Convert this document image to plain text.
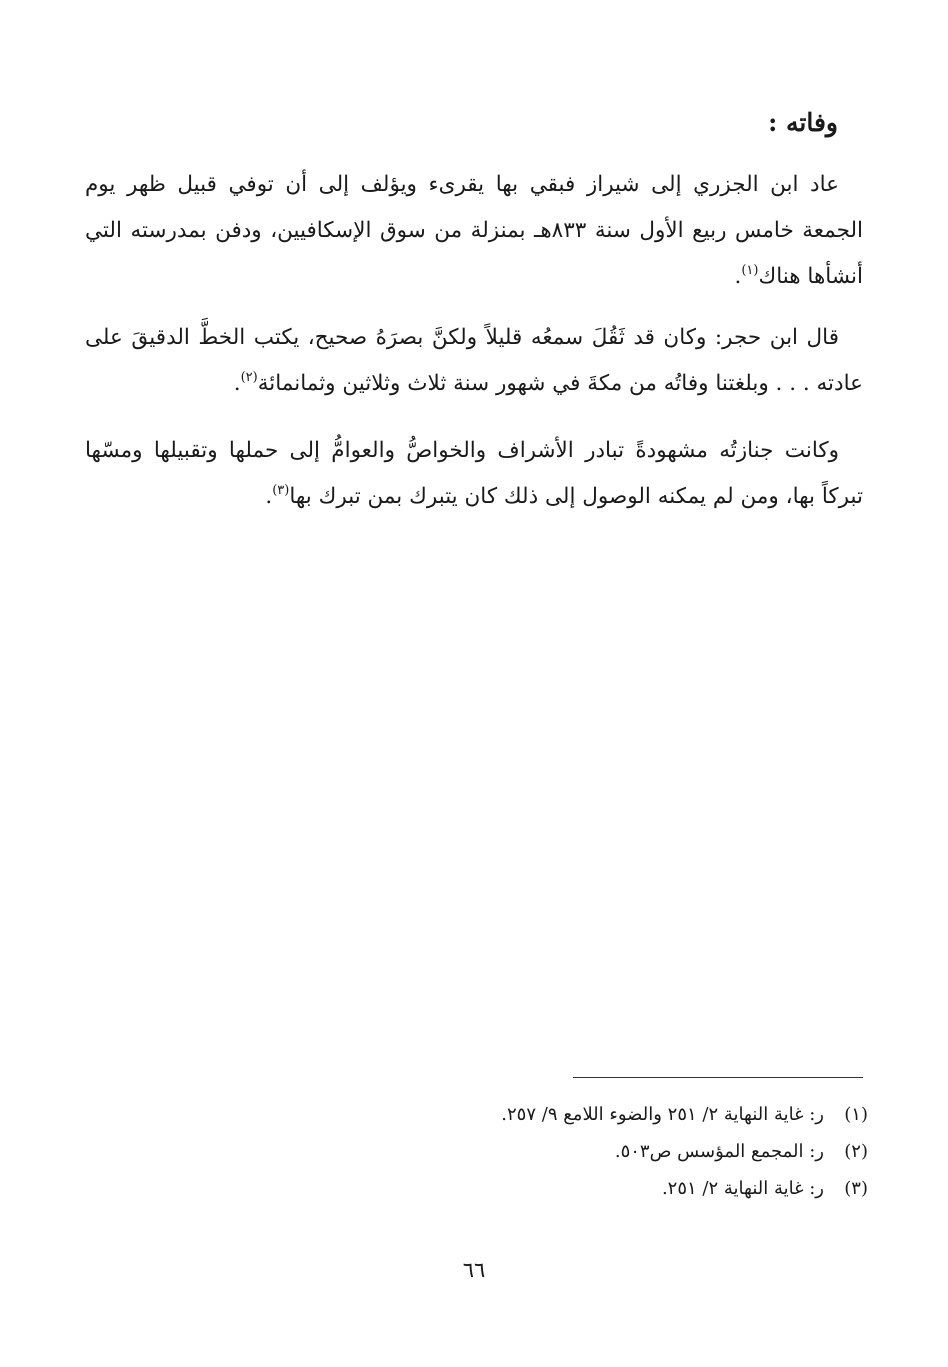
وفاته :

عاد ابن الجزري إلى شيراز فبقي بها يقرىء ويؤلف إلى أن توفي قبيل ظهر يوم الجمعة خامس ربيع الأول سنة ٨٣٣هـ بمنزلة من سوق الإسكافيين، ودفن بمدرسته التي أنشأها هناك$^{(١)}$.

قال ابن حجر: وكان قد ثَقُلَ سمعُه قليلاً ولكنَّ بصرَهُ صحيح، يكتب الخطَّ الدقيقَ على عادته . . . وبلغتنا وفاتُه من مكةَ في شهور سنة ثلاث وثلاثين وثمانمائة$^{(٢)}$.

وكانت جنازتُه مشهودةً تبادر الأشراف والخواصُّ والعوامُّ إلى حملها وتقبيلها ومسّها تبركاً بها، ومن لم يمكنه الوصول إلى ذلك كان يتبرك بمن تبرك بها$^{(٣)}$.

(١)ر: غاية النهاية ٢/ ٢٥١ والضوء اللامع ٩/ ٢٥٧.
(٢)ر: المجمع المؤسس ص٥٠٣.
(٣)ر: غاية النهاية ٢/ ٢٥١.
٦٦
